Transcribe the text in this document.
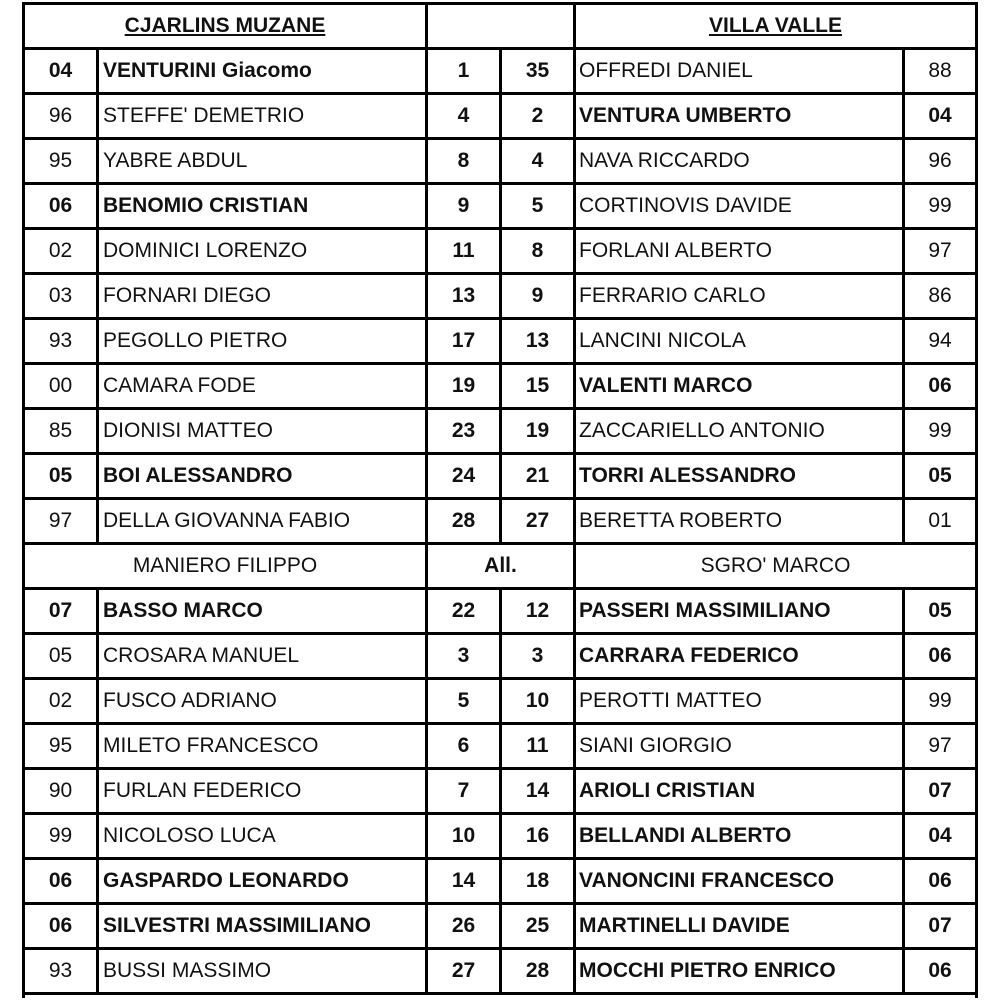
CJARLINS MUZANE	VILLA VALLE
04	VENTURINI Giacomo	1	35	OFFREDI DANIEL	88
96	STEFFE' DEMETRIO	4	2	VENTURA UMBERTO	04
95	YABRE ABDUL	8	4	NAVA RICCARDO	96
06	BENOMIO CRISTIAN	9	5	CORTINOVIS DAVIDE	99
02	DOMINICI LORENZO	11	8	FORLANI ALBERTO	97
03	FORNARI DIEGO	13	9	FERRARIO CARLO	86
93	PEGOLLO PIETRO	17	13	LANCINI NICOLA	94
00	CAMARA FODE	19	15	VALENTI MARCO	06
85	DIONISI MATTEO	23	19	ZACCARIELLO ANTONIO	99
05	BOI ALESSANDRO	24	21	TORRI ALESSANDRO	05
97	DELLA GIOVANNA FABIO	28	27	BERETTA ROBERTO	01
MANIERO FILIPPO	All.	SGRO' MARCO
07	BASSO MARCO	22	12	PASSERI MASSIMILIANO	05
05	CROSARA MANUEL	3	3	CARRARA FEDERICO	06
02	FUSCO ADRIANO	5	10	PEROTTI MATTEO	99
95	MILETO FRANCESCO	6	11	SIANI GIORGIO	97
90	FURLAN FEDERICO	7	14	ARIOLI CRISTIAN	07
99	NICOLOSO LUCA	10	16	BELLANDI ALBERTO	04
06	GASPARDO LEONARDO	14	18	VANONCINI FRANCESCO	06
06	SILVESTRI MASSIMILIANO	26	25	MARTINELLI DAVIDE	07
93	BUSSI MASSIMO	27	28	MOCCHI PIETRO ENRICO	06
